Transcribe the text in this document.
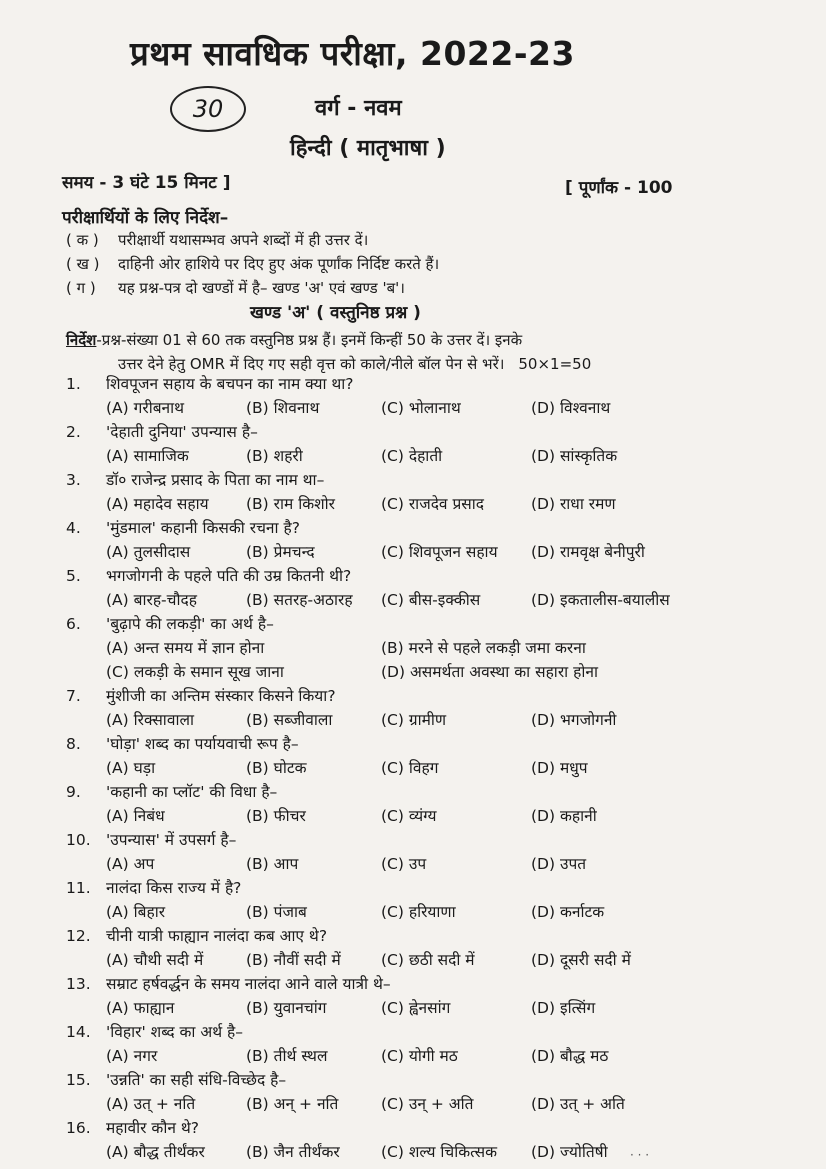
प्रथम सावधिक परीक्षा, 2022-23
30	वर्ग - नवम
हिन्दी ( मातृभाषा )
समय - 3 घंटे 15 मिनट ]	[ पूर्णांक - 100
परीक्षार्थियों के लिए निर्देश–
( क ) परीक्षार्थी यथासम्भव अपने शब्दों में ही उत्तर दें।
( ख ) दाहिनी ओर हाशिये पर दिए हुए अंक पूर्णांक निर्दिष्ट करते हैं।
( ग ) यह प्रश्न-पत्र दो खण्डों में है– खण्ड 'अ' एवं खण्ड 'ब'।
खण्ड 'अ' ( वस्तुनिष्ठ प्रश्न )
निर्देश-प्रश्न-संख्या 01 से 60 तक वस्तुनिष्ठ प्रश्न हैं। इनमें किन्हीं 50 के उत्तर दें। इनके
उत्तर देने हेतु OMR में दिए गए सही वृत्त को काले/नीले बॉल पेन से भरें। 50×1=50
1. शिवपूजन सहाय के बचपन का नाम क्या था?
(A) गरीबनाथ	(B) शिवनाथ	(C) भोलानाथ	(D) विश्वनाथ
2. 'देहाती दुनिया' उपन्यास है–
(A) सामाजिक	(B) शहरी	(C) देहाती	(D) सांस्कृतिक
3. डॉ० राजेन्द्र प्रसाद के पिता का नाम था–
(A) महादेव सहाय (B) राम किशोर	(C) राजदेव प्रसाद	(D) राधा रमण
4. 'मुंडमाल' कहानी किसकी रचना है?
(A) तुलसीदास	(B) प्रेमचन्द	(C) शिवपूजन सहाय (D) रामवृक्ष बेनीपुरी
5. भगजोगनी के पहले पति की उम्र कितनी थी?
(A) बारह-चौदह	(B) सतरह-अठारह (C) बीस-इक्कीस	(D) इकतालीस-बयालीस
6. 'बुढ़ापे की लकड़ी' का अर्थ है–
(A) अन्त समय में ज्ञान होना	(B) मरने से पहले लकड़ी जमा करना
(C) लकड़ी के समान सूख जाना	(D) असमर्थता अवस्था का सहारा होना
7. मुंशीजी का अन्तिम संस्कार किसने किया?
(A) रिक्सावाला	(B) सब्जीवाला	(C) ग्रामीण	(D) भगजोगनी
8. 'घोड़ा' शब्द का पर्यायवाची रूप है–
(A) घड़ा	(B) घोटक	(C) विहग	(D) मधुप
9. 'कहानी का प्लॉट' की विधा है–
(A) निबंध	(B) फीचर	(C) व्यंग्य	(D) कहानी
10. 'उपन्यास' में उपसर्ग है–
(A) अप	(B) आप	(C) उप	(D) उपत
11. नालंदा किस राज्य में है?
(A) बिहार	(B) पंजाब	(C) हरियाणा	(D) कर्नाटक
12. चीनी यात्री फाह्यान नालंदा कब आए थे?
(A) चौथी सदी में	(B) नौवीं सदी में	(C) छठी सदी में	(D) दूसरी सदी में
13. सम्राट हर्षवर्द्धन के समय नालंदा आने वाले यात्री थे–
(A) फाह्यान	(B) युवानचांग	(C) ह्वेनसांग	(D) इत्सिंग
14. 'विहार' शब्द का अर्थ है–
(A) नगर	(B) तीर्थ स्थल	(C) योगी मठ	(D) बौद्ध मठ
15. 'उन्नति' का सही संधि-विच्छेद है–
(A) उत् + नति	(B) अन् + नति	(C) उन् + अति	(D) उत् + अति
16. महावीर कौन थे?
(A) बौद्ध तीर्थंकर	(B) जैन तीर्थंकर	(C) शल्य चिकित्सक (D) ज्योतिषी · · ·
